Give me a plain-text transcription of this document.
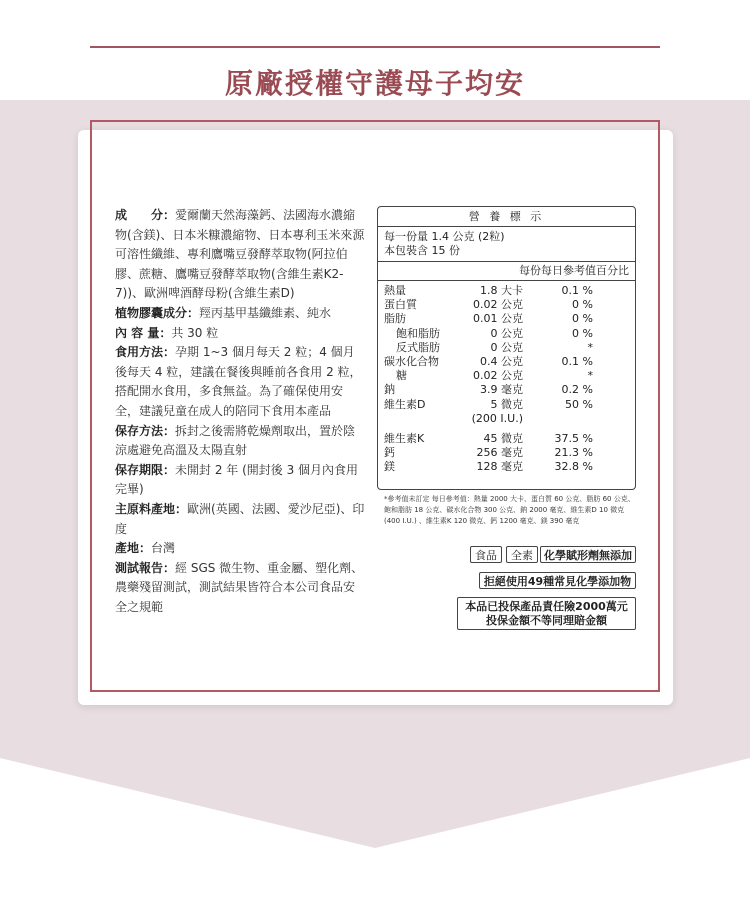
原廠授權守護母子均安

成　　分：愛爾蘭天然海藻鈣、法國海水濃縮物(含鎂)、日本米糠濃縮物、日本專利玉米來源可溶性纖維、專利鷹嘴豆發酵萃取物(阿拉伯膠、蔗糖、鷹嘴豆發酵萃取物(含維生素K2-7))、歐洲啤酒酵母粉(含維生素D)

植物膠囊成分：羥丙基甲基纖維素、純水

內 容 量：共 30 粒

食用方法：孕期 1~3 個月每天 2 粒；4 個月後每天 4 粒，建議在餐後與睡前各食用 2 粒，搭配開水食用，多食無益。為了確保使用安全，建議兒童在成人的陪同下食用本產品

保存方法：拆封之後需將乾燥劑取出，置於陰涼處避免高溫及太陽直射

保存期限：未開封 2 年 (開封後 3 個月內食用完畢)

主原料產地：歐洲(英國、法國、愛沙尼亞)、印度

產地：台灣

測試報告：經 SGS 微生物、重金屬、塑化劑、農藥殘留測試，測試結果皆符合本公司食品安全之規範

營 養 標 示
每一份量 1.4 公克 (2粒)
本包裝含 15 份
每份 每日參考值百分比
熱量	1.8 大卡	0.1 %
蛋白質	0.02 公克	0 %
脂肪	0.01 公克	0 %
飽和脂肪	0 公克	0 %
反式脂肪	0 公克	*
碳水化合物	0.4 公克	0.1 %
糖	0.02 公克	*
鈉	3.9 毫克	0.2 %
維生素D	5 微克	50 %
(200 I.U.)
維生素K	45 微克	37.5 %
鈣	256 毫克	21.3 %
鎂	128 毫克	32.8 %
*參考值未訂定 每日參考值：熱量 2000 大卡、蛋白質 60 公克、脂肪 60 公克、飽和脂肪 18 公克、碳水化合物 300 公克、鈉 2000 毫克、維生素D 10 微克 (400 I.U.) 、維生素K 120 微克、鈣 1200 毫克、鎂 390 毫克
食品	全素	化學賦形劑無添加
拒絕使用49種常見化學添加物
本品已投保產品責任險2000萬元
投保金額不等同理賠金額
